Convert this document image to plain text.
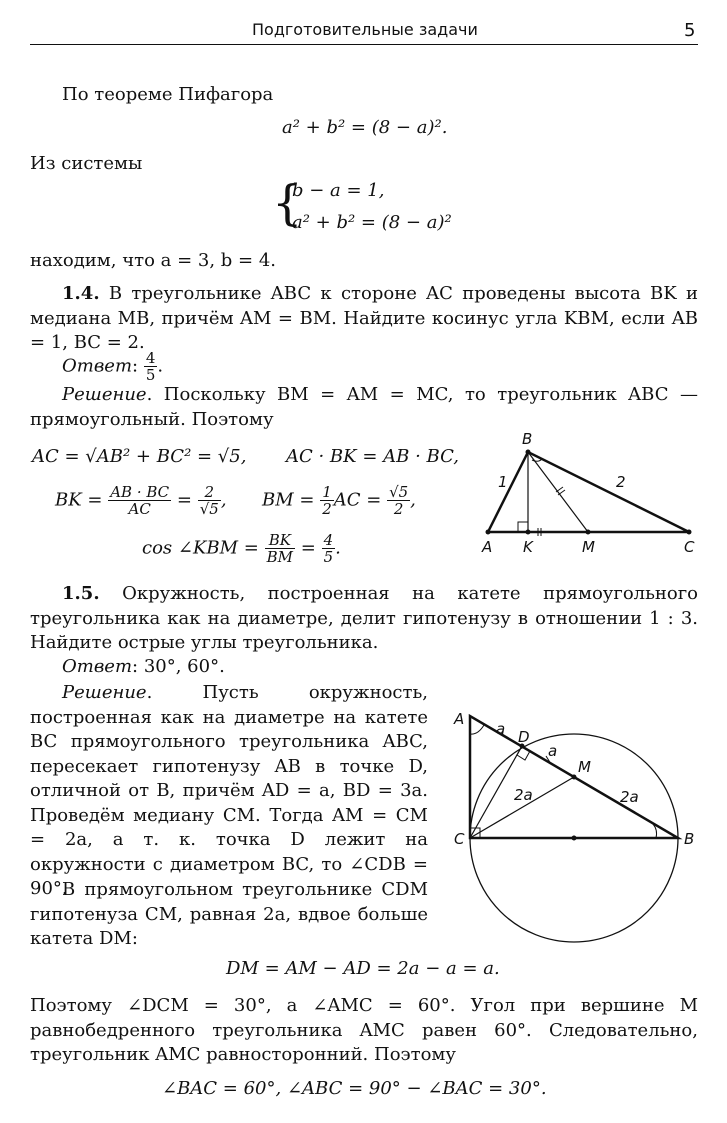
Подготовительные задачи	5
По теореме Пифагора
a² + b² = (8 − a)².
Из системы
{
b − a = 1,
a² + b² = (8 − a)²
находим, что a = 3, b = 4.
1.4. В треугольнике ABC к стороне AC проведены высота BK и медиана MB, причём AM = BM. Найдите косинус угла KBM, если AB = 1, BC = 2.
Ответ: $\frac{4}{5}$ .
Решение. Поскольку BM = AM = MC, то треугольник ABC — прямоугольный. Поэтому
AC = √AB² + BC² = √5, AC · BK = AB · BC,
BK = $\frac{AB \cdot BC}{AC} = \frac{2}{√5}$ , BM = $\frac{1}{2}$ AC = $\frac{√5}{2}$ ,
cos ∠KBM = $\frac{BK}{BM} = \frac{4}{5}$ .
B
A K	M	C
1	2
1.5. Окружность, построенная на катете прямоугольного треугольника как на диаметре, делит гипотенузу в отношении 1 : 3. Найдите острые углы треугольника.
Ответ: 30°, 60°.
Решение. Пусть окружность, построенная как на диаметре на катете BC прямоугольного треугольника ABC, пересекает гипотенузу AB в точке D, отличной от B, причём AD = a, BD = 3a. Проведём медиану CM. Тогда AM = CM = 2a, а т. к. точка D лежит на окружности с диаметром BC, то ∠CDB = 90°.
В прямоугольном треугольнике CDM гипотенуза CM, равная 2a, вдвое больше катета DM:
DM = AM − AD = 2a − a = a.
Поэтому ∠DCM = 30°, а ∠AMC = 60°. Угол при вершине M равнобедренного треугольника AMC равен 60°. Следовательно, треугольник AMC равносторонний. Поэтому
∠BAC = 60°, ∠ABC = 90° − ∠BAC = 30°.
A
C	B
D
M
a
a
2a	2a
